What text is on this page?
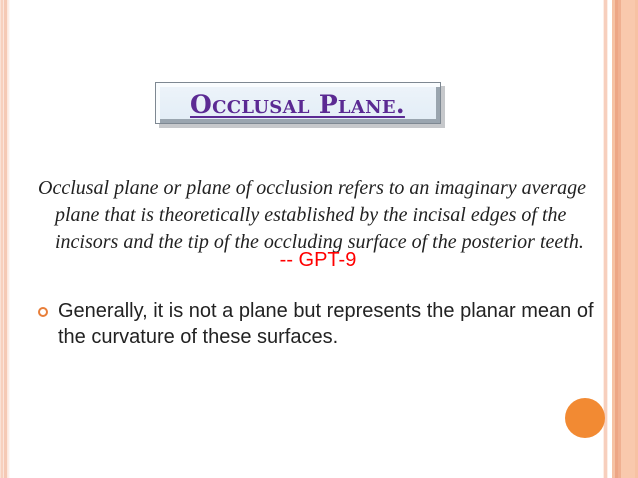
Occlusal Plane.
Occlusal plane or plane of occlusion refers to an imaginary average
plane that is theoretically established by the incisal edges of the
incisors and the tip of the occluding surface of the posterior teeth.
-- GPT-9
Generally, it is not a plane but represents the planar mean of
the curvature of these surfaces.
